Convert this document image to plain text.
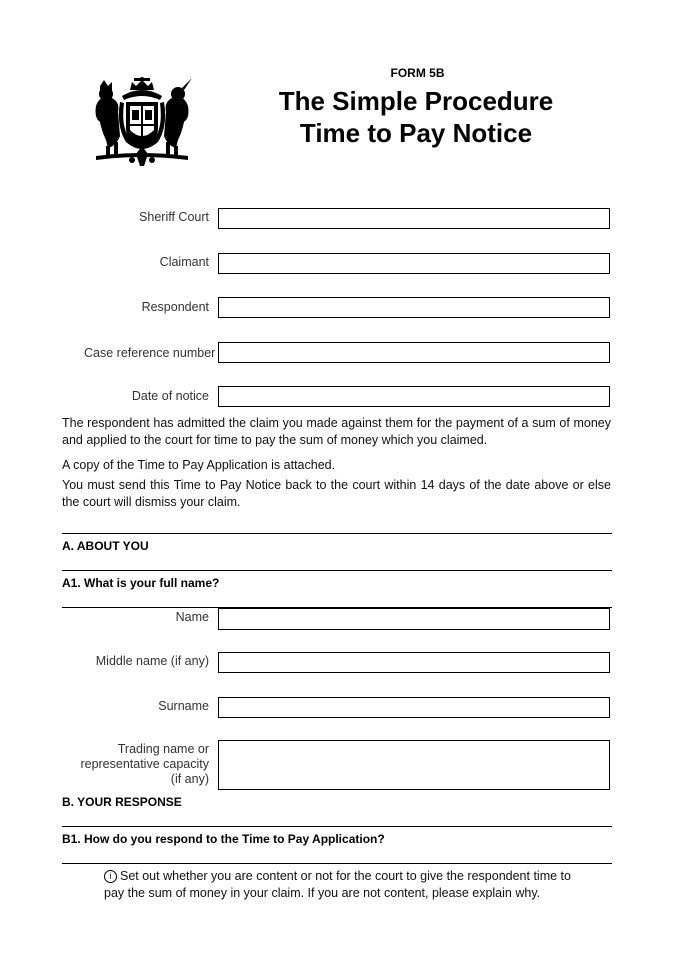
FORM 5B
The Simple Procedure
Time to Pay Notice
Sheriff Court
Claimant
Respondent
Case reference number
Date of notice
The respondent has admitted the claim you made against them for the payment of a sum of money and applied to the court for time to pay the sum of money which you claimed.
A copy of the Time to Pay Application is attached.
You must send this Time to Pay Notice back to the court within 14 days of the date above or else the court will dismiss your claim.
A. ABOUT YOU
A1. What is your full name?
Name
Middle name (if any)
Surname
Trading name or
representative capacity
(if any)
B. YOUR RESPONSE
B1. How do you respond to the Time to Pay Application?
i Set out whether you are content or not for the court to give the respondent time to pay the sum of money in your claim. If you are not content, please explain why.
